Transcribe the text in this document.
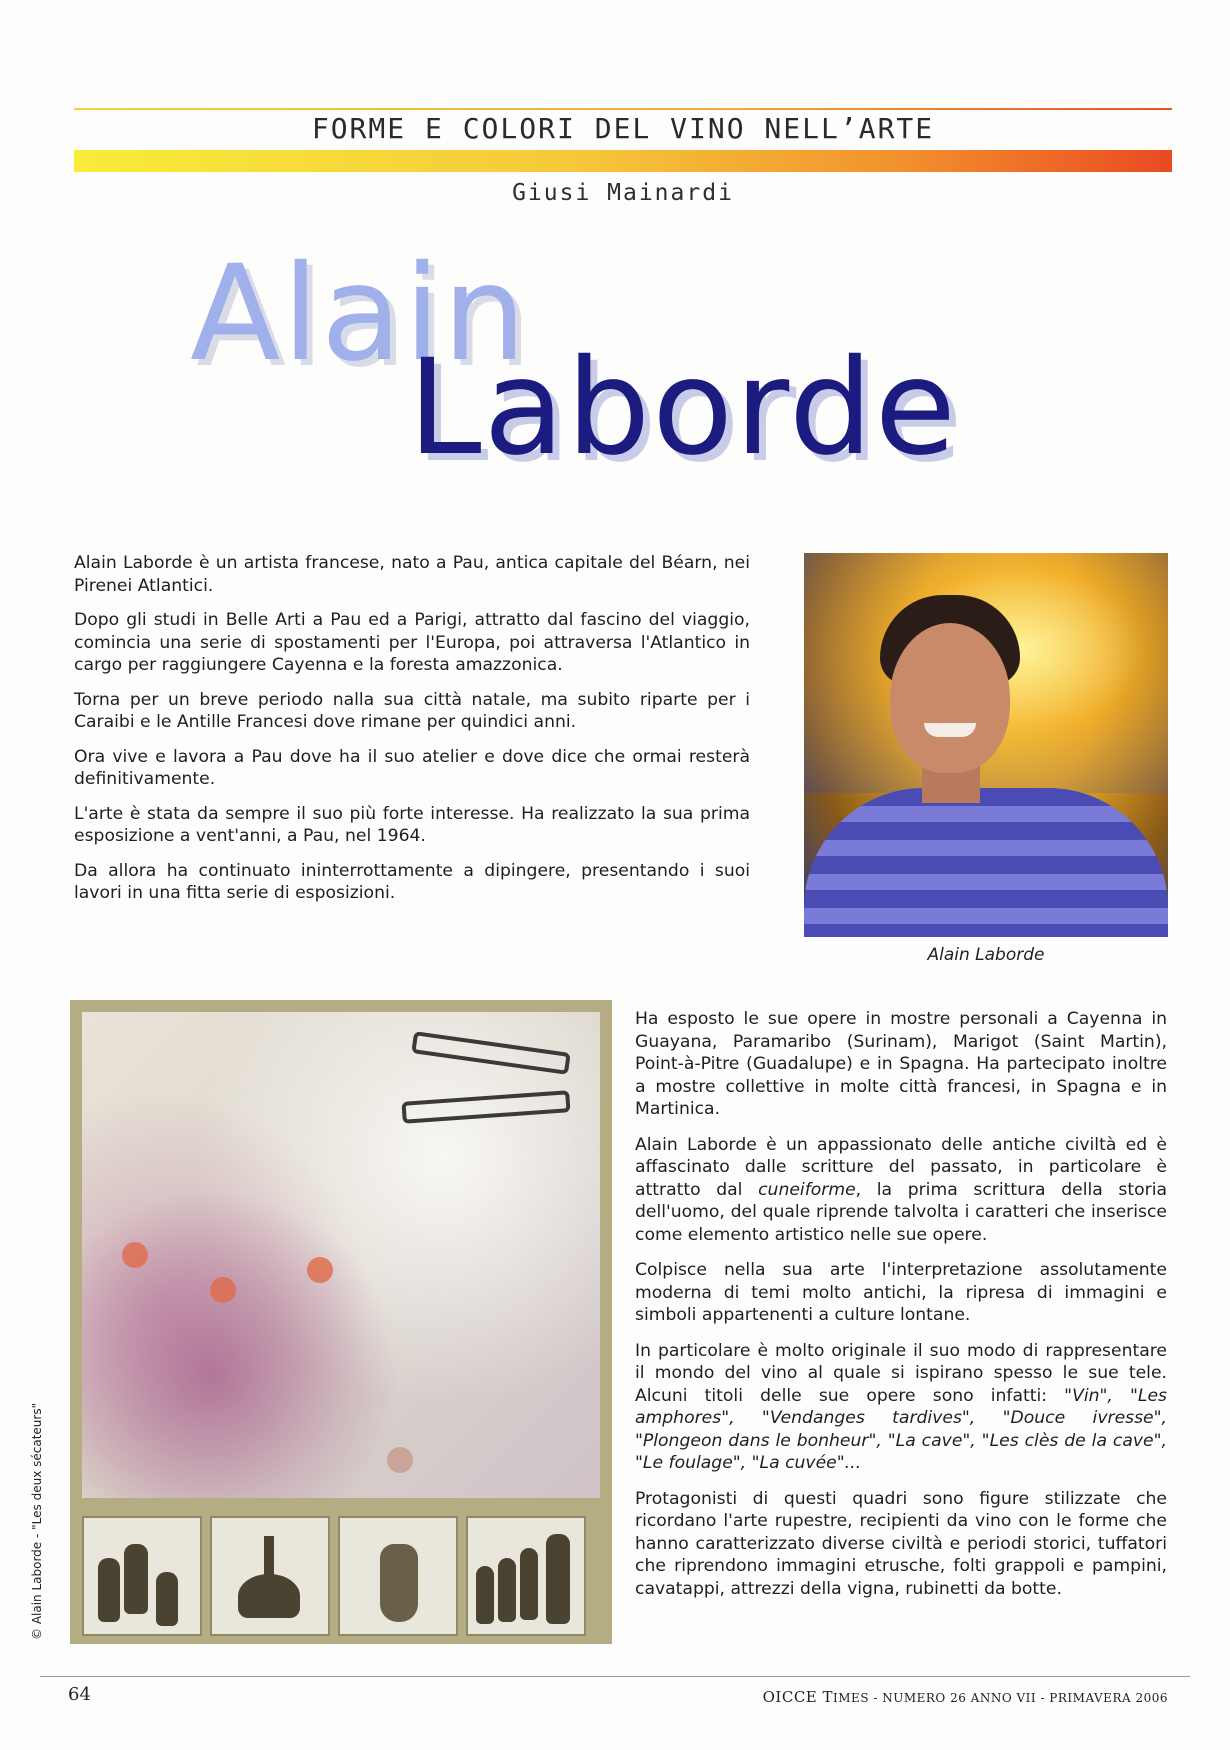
FORME E COLORI DEL VINO NELL’ARTE
Giusi Mainardi
Alain
Laborde

Alain Laborde è un artista francese, nato a Pau, antica capitale del Béarn, nei Pirenei Atlantici.

Dopo gli studi in Belle Arti a Pau ed a Parigi, attratto dal fascino del viaggio, comincia una serie di spostamenti per l'Europa, poi attraversa l'Atlantico in cargo per raggiungere Cayenna e la foresta amazzonica.

Torna per un breve periodo nalla sua città natale, ma subito riparte per i Caraibi e le Antille Francesi dove rimane per quindici anni.

Ora vive e lavora a Pau dove ha il suo atelier e dove dice che ormai resterà definitivamente.

L'arte è stata da sempre il suo più forte interesse. Ha realizzato la sua prima esposizione a vent'anni, a Pau, nel 1964.

Da allora ha continuato ininterrottamente a dipingere, presentando i suoi lavori in una fitta serie di esposizioni.

Alain Laborde
© Alain Laborde - "Les deux sécateurs"

Ha esposto le sue opere in mostre personali a Cayenna in Guayana, Paramaribo (Surinam), Marigot (Saint Martin), Point-à-Pitre (Guadalupe) e in Spagna. Ha partecipato inoltre a mostre collettive in molte città francesi, in Spagna e in Martinica.

Alain Laborde è un appassionato delle antiche civiltà ed è affascinato dalle scritture del passato, in particolare è attratto dal cuneiforme, la prima scrittura della storia dell'uomo, del quale riprende talvolta i caratteri che inserisce come elemento artistico nelle sue opere.

Colpisce nella sua arte l'interpretazione assolutamente moderna di temi molto antichi, la ripresa di immagini e simboli appartenenti a culture lontane.

In particolare è molto originale il suo modo di rappresentare il mondo del vino al quale si ispirano spesso le sue tele. Alcuni titoli delle sue opere sono infatti: "Vin", "Les amphores", "Vendanges tardives", "Douce ivresse", "Plongeon dans le bonheur", "La cave", "Les clès de la cave", "Le foulage", "La cuvée"...

Protagonisti di questi quadri sono figure stilizzate che ricordano l'arte rupestre, recipienti da vino con le forme che hanno caratterizzato diverse civiltà e periodi storici, tuffatori che riprendono immagini etrusche, folti grappoli e pampini, cavatappi, attrezzi della vigna, rubinetti da botte.

64	OICCE TIMES - NUMERO 26 ANNO VII - PRIMAVERA 2006
